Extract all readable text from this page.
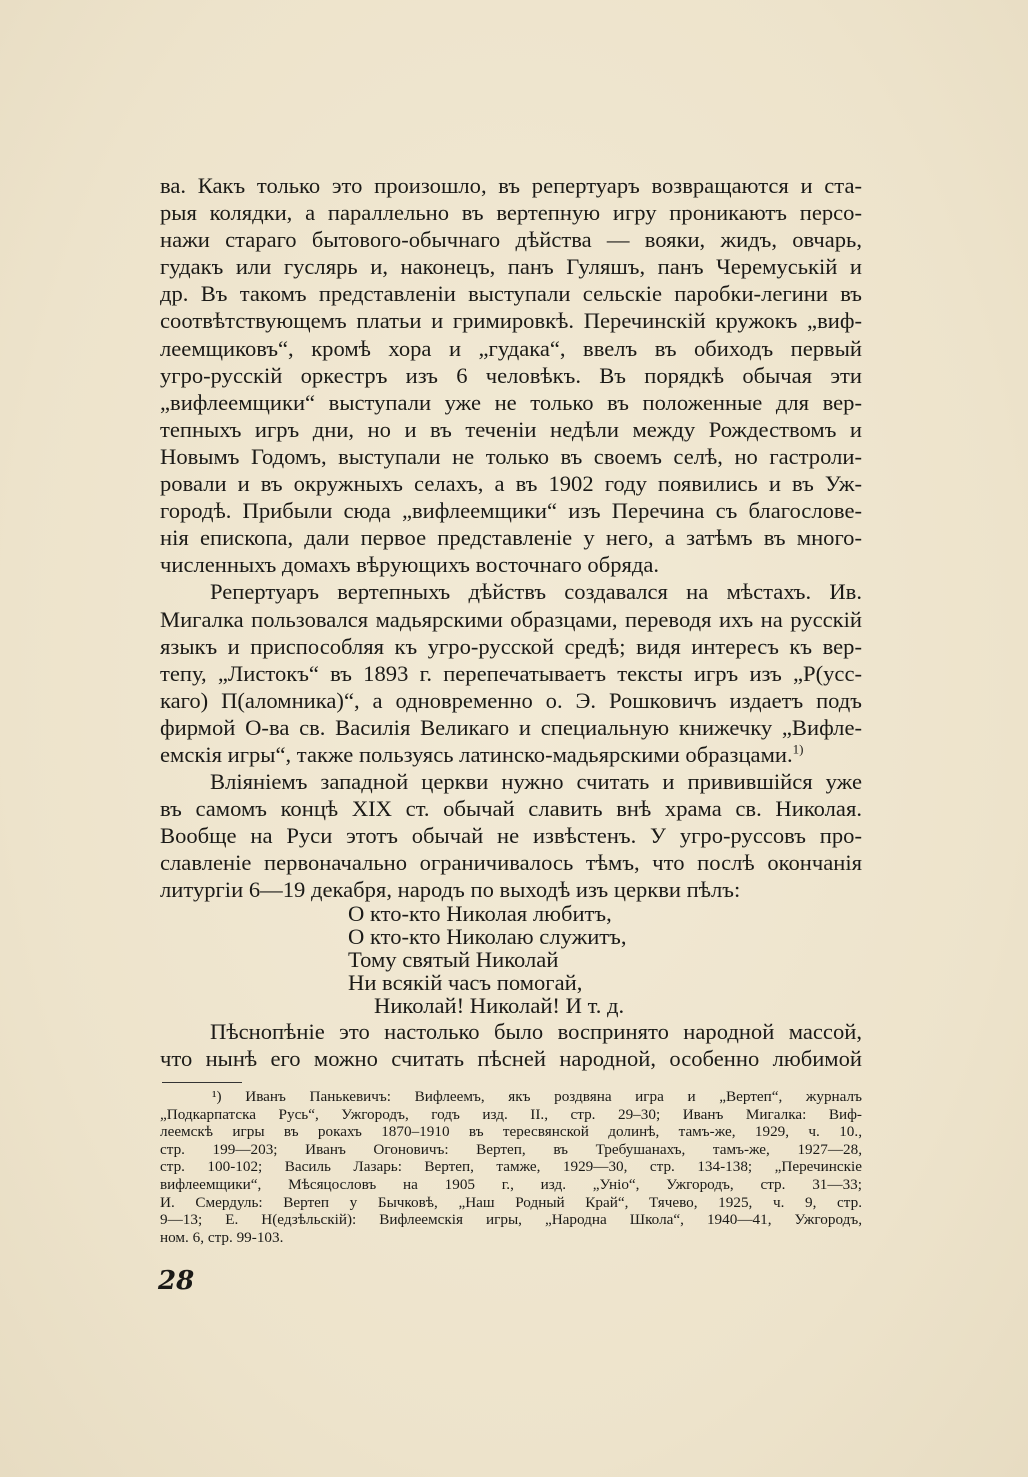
ва. Какъ только это произошло, въ репертуаръ возвращаются и ста-
рыя колядки, а параллельно въ вертепную игру проникаютъ персо-
нажи стараго бытового-обычнаго дѣйства — вояки, жидъ, овчарь,
гудакъ или гуслярь и, наконецъ, панъ Гуляшъ, панъ Черемуській и
др. Въ такомъ представленіи выступали сельскіе паробки-легини въ
соотвѣтствующемъ платьи и гримировкѣ. Перечинскій кружокъ „виф-
леемщиковъ“, кромѣ хора и „гудака“, ввелъ въ обиходъ первый
угро-русскій оркестръ изъ 6 человѣкъ. Въ порядкѣ обычая эти
„вифлеемщики“ выступали уже не только въ положенные для вер-
тепныхъ игръ дни, но и въ теченіи недѣли между Рождествомъ и
Новымъ Годомъ, выступали не только въ своемъ селѣ, но гастроли-
ровали и въ окружныхъ селахъ, а въ 1902 году появились и въ Уж-
городѣ. Прибыли сюда „вифлеемщики“ изъ Перечина съ благослове-
нія епископа, дали первое представленіе у него, а затѣмъ въ много-
численныхъ домахъ вѣрующихъ восточнаго обряда.

Репертуаръ вертепныхъ дѣйствъ создавался на мѣстахъ. Ив.
Мигалка пользовался мадьярскими образцами, переводя ихъ на русскій
языкъ и приспособляя къ угро-русской средѣ; видя интересъ къ вер-
тепу, „Листокъ“ въ 1893 г. перепечатываетъ тексты игръ изъ „Р(усс-
каго) П(аломника)“, а одновременно о. Э. Рошковичъ издаетъ подъ
фирмой О-ва св. Василія Великаго и специальную книжечку „Вифле-
емскія игры“, также пользуясь латинско-мадьярскими образцами.$^{1)}$

Вліяніемъ западной церкви нужно считать и привившійся уже
въ самомъ концѣ XIX ст. обычай славить внѣ храма св. Николая.
Вообще на Руси этотъ обычай не извѣстенъ. У угро-руссовъ про-
славленіе первоначально ограничивалось тѣмъ, что послѣ окончанія
литургіи 6—19 декабря, народъ по выходѣ изъ церкви пѣлъ:

О кто-кто Николая любитъ,
О кто-кто Николаю служитъ,
Тому святый Николай
Ни всякій часъ помогай,
Николай! Николай! И т. д.
Пѣснопѣніе это настолько было воспринято народной массой,
что нынѣ его можно считать пѣсней народной, особенно любимой
¹) Иванъ Панькевичъ: Вифлеемъ, якъ роздвяна игра и „Вертеп“, журналъ
„Подкарпатска Русь“, Ужгородъ, годъ изд. II., стр. 29–30; Иванъ Мигалка: Виф-
леемскѣ игры въ рокахъ 1870–1910 въ тересвянской долинѣ, тамъ-же, 1929, ч. 10.,
стр. 199—203; Иванъ Огоновичъ: Вертеп, въ Требушанахъ, тамъ-же, 1927—28,
стр. 100-102; Василь Лазарь: Вертеп, тамже, 1929—30, стр. 134-138; „Перечинскіе
вифлеемщики“, Мѣсяцословъ на 1905 г., изд. „Уніо“, Ужгородъ, стр. 31—33;
И. Смердуль: Вертеп у Бычковѣ, „Наш Родный Край“, Тячево, 1925, ч. 9, стр.
9—13; Е. Н(едзѣльскій): Вифлеемскія игры, „Народна Школа“, 1940—41, Ужгородъ,
ном. 6, стр. 99-103.
28
